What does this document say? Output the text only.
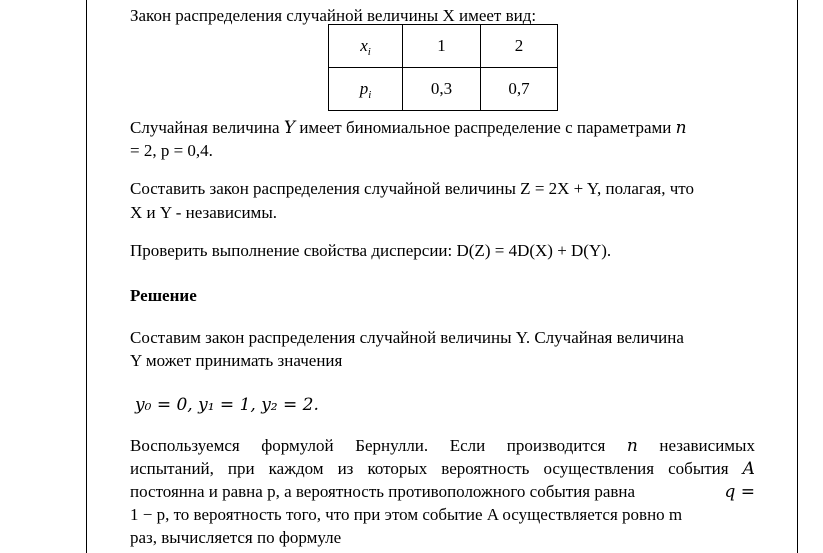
Закон распределения случайной величины X имеет вид:
$x_i$	1	2
$p_i$	0,3	0,7
Случайная величина Y имеет биномиальное распределение с параметрами n
= 2, p = 0,4.
Составить закон распределения случайной величины Z = 2X + Y, полагая, что
X и Y - независимы.
Проверить выполнение свойства дисперсии: D(Z) = 4D(X) + D(Y).
Решение
Составим закон распределения случайной величины Y. Случайная величина
Y может принимать значения
y₀ = 0, y₁ = 1, y₂ = 2.
Воспользуемся формулой Бернулли. Если производится n независимых
испытаний, при каждом из которых вероятность осуществления события A
постоянна и равна p, а вероятность противоположного события равна	q =
1 − p, то вероятность того, что при этом событие A осуществляется ровно m
раз, вычисляется по формуле
